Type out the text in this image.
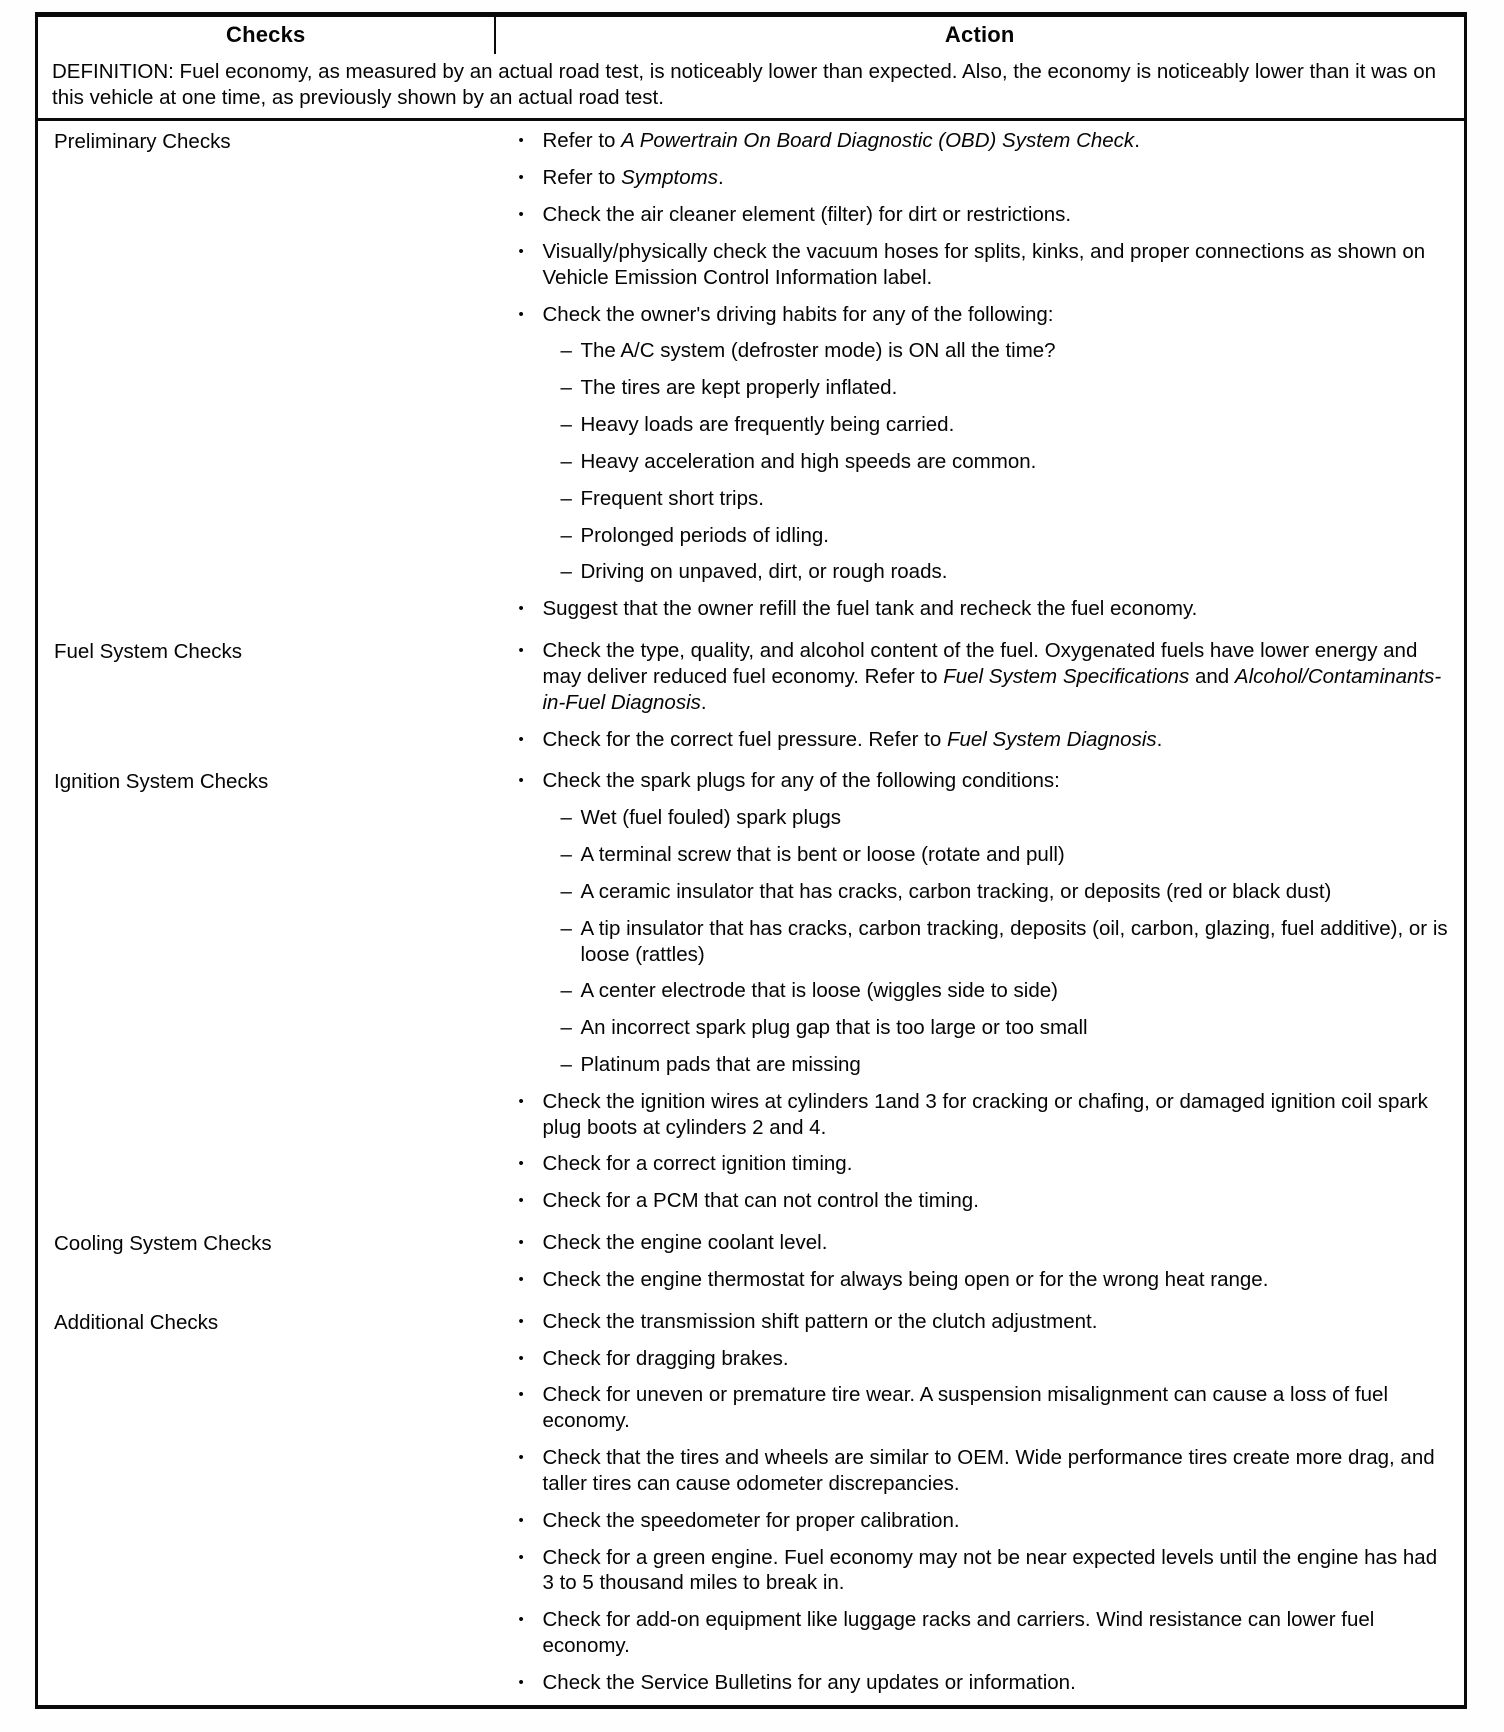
Checks	Action
DEFINITION: Fuel economy, as measured by an actual road test, is noticeably lower than expected. Also, the economy is noticeably lower than it was on this vehicle at one time, as previously shown by an actual road test.	
Preliminary Checks	• Refer to A Powertrain On Board Diagnostic (OBD) System Check.
• Refer to Symptoms.
• Check the air cleaner element (filter) for dirt or restrictions.
• Visually/physically check the vacuum hoses for splits, kinks, and proper connections as shown on Vehicle Emission Control Information label.
• Check the owner's driving habits for any of the following:
– The A/C system (defroster mode) is ON all the time?
– The tires are kept properly inflated.
– Heavy loads are frequently being carried.
– Heavy acceleration and high speeds are common.
– Frequent short trips.
– Prolonged periods of idling.
– Driving on unpaved, dirt, or rough roads.
• Suggest that the owner refill the fuel tank and recheck the fuel economy.

Fuel System Checks	• Check the type, quality, and alcohol content of the fuel. Oxygenated fuels have lower energy and may deliver reduced fuel economy. Refer to Fuel System Specifications and Alcohol/Contaminants-in-Fuel Diagnosis.
• Check for the correct fuel pressure. Refer to Fuel System Diagnosis.

Ignition System Checks	• Check the spark plugs for any of the following conditions:
– Wet (fuel fouled) spark plugs
– A terminal screw that is bent or loose (rotate and pull)
– A ceramic insulator that has cracks, carbon tracking, or deposits (red or black dust)
– A tip insulator that has cracks, carbon tracking, deposits (oil, carbon, glazing, fuel additive), or is loose (rattles)
– A center electrode that is loose (wiggles side to side)
– An incorrect spark plug gap that is too large or too small
– Platinum pads that are missing
• Check the ignition wires at cylinders 1and 3 for cracking or chafing, or damaged ignition coil spark plug boots at cylinders 2 and 4.
• Check for a correct ignition timing.
• Check for a PCM that can not control the timing.

Cooling System Checks	• Check the engine coolant level.
• Check the engine thermostat for always being open or for the wrong heat range.

Additional Checks	• Check the transmission shift pattern or the clutch adjustment.
• Check for dragging brakes.
• Check for uneven or premature tire wear. A suspension misalignment can cause a loss of fuel economy.
• Check that the tires and wheels are similar to OEM. Wide performance tires create more drag, and taller tires can cause odometer discrepancies.
• Check the speedometer for proper calibration.
• Check for a green engine. Fuel economy may not be near expected levels until the engine has had 3 to 5 thousand miles to break in.
• Check for add-on equipment like luggage racks and carriers. Wind resistance can lower fuel economy.
• Check the Service Bulletins for any updates or information.
